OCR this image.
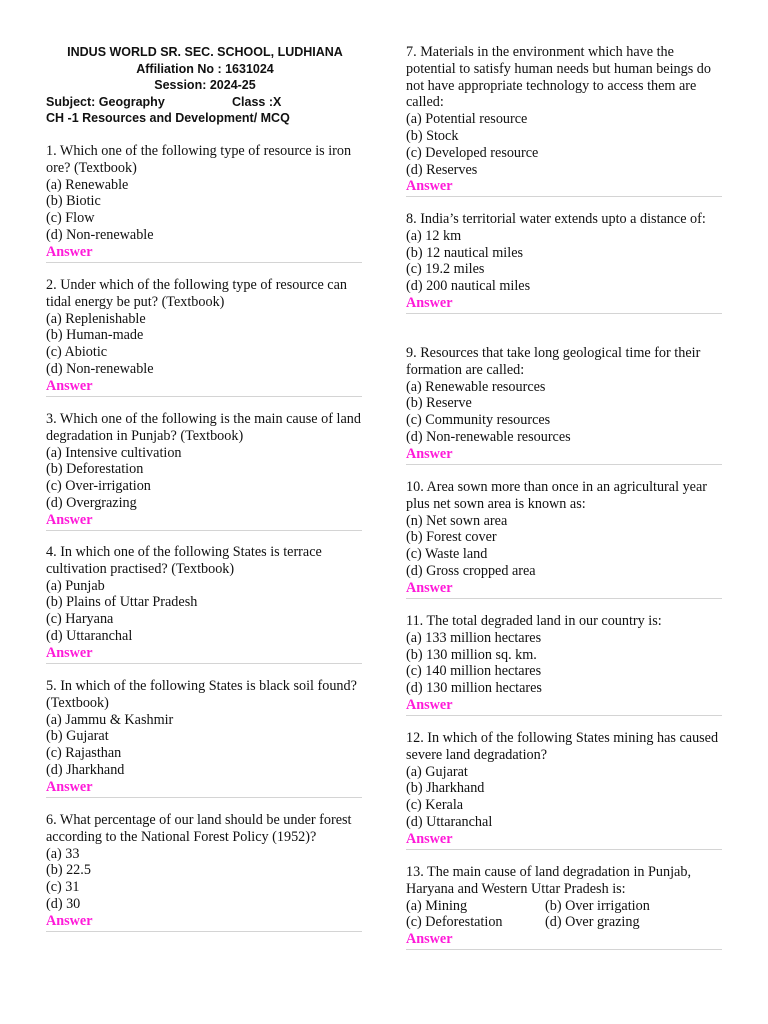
INDUS WORLD SR. SEC. SCHOOL, LUDHIANA
Affiliation No : 1631024
Session: 2024-25
Subject: Geography	Class :X
CH -1 Resources and Development/ MCQ

1. Which one of the following type of resource is iron ore? (Textbook)

(a) Renewable

(b) Biotic

(c) Flow

(d) Non-renewable

Answer

2. Under which of the following type of resource can tidal energy be put? (Textbook)

(a) Replenishable

(b) Human-made

(c) Abiotic

(d) Non-renewable

Answer

3. Which one of the following is the main cause of land degradation in Punjab? (Textbook)

(a) Intensive cultivation

(b) Deforestation

(c) Over-irrigation

(d) Overgrazing

Answer

4. In which one of the following States is terrace cultivation practised? (Textbook)

(a) Punjab

(b) Plains of Uttar Pradesh

(c) Haryana

(d) Uttaranchal

Answer

5. In which of the following States is black soil found? (Textbook)

(a) Jammu & Kashmir

(b) Gujarat

(c) Rajasthan

(d) Jharkhand

Answer

6. What percentage of our land should be under forest according to the National Forest Policy (1952)?

(a) 33

(b) 22.5

(c) 31

(d) 30

Answer

7. Materials in the environment which have the potential to satisfy human needs but human beings do not have appropriate technology to access them are called:

(a) Potential resource

(b) Stock

(c) Developed resource

(d) Reserves

Answer

8. India’s territorial water extends upto a distance of:

(a) 12 km

(b) 12 nautical miles

(c) 19.2 miles

(d) 200 nautical miles

Answer

9. Resources that take long geological time for their formation are called:

(a) Renewable resources

(b) Reserve

(c) Community resources

(d) Non-renewable resources

Answer

10. Area sown more than once in an agricultural year plus net sown area is known as:

(n) Net sown area

(b) Forest cover

(c) Waste land

(d) Gross cropped area

Answer

11. The total degraded land in our country is:

(a) 133 million hectares

(b) 130 million sq. km.

(c) 140 million hectares

(d) 130 million hectares

Answer

12. In which of the following States mining has caused severe land degradation?

(a) Gujarat

(b) Jharkhand

(c) Kerala

(d) Uttaranchal

Answer

13. The main cause of land degradation in Punjab, Haryana and Western Uttar Pradesh is:

(a) Mining	(b) Over irrigation

(c) Deforestation	(d) Over grazing

Answer
